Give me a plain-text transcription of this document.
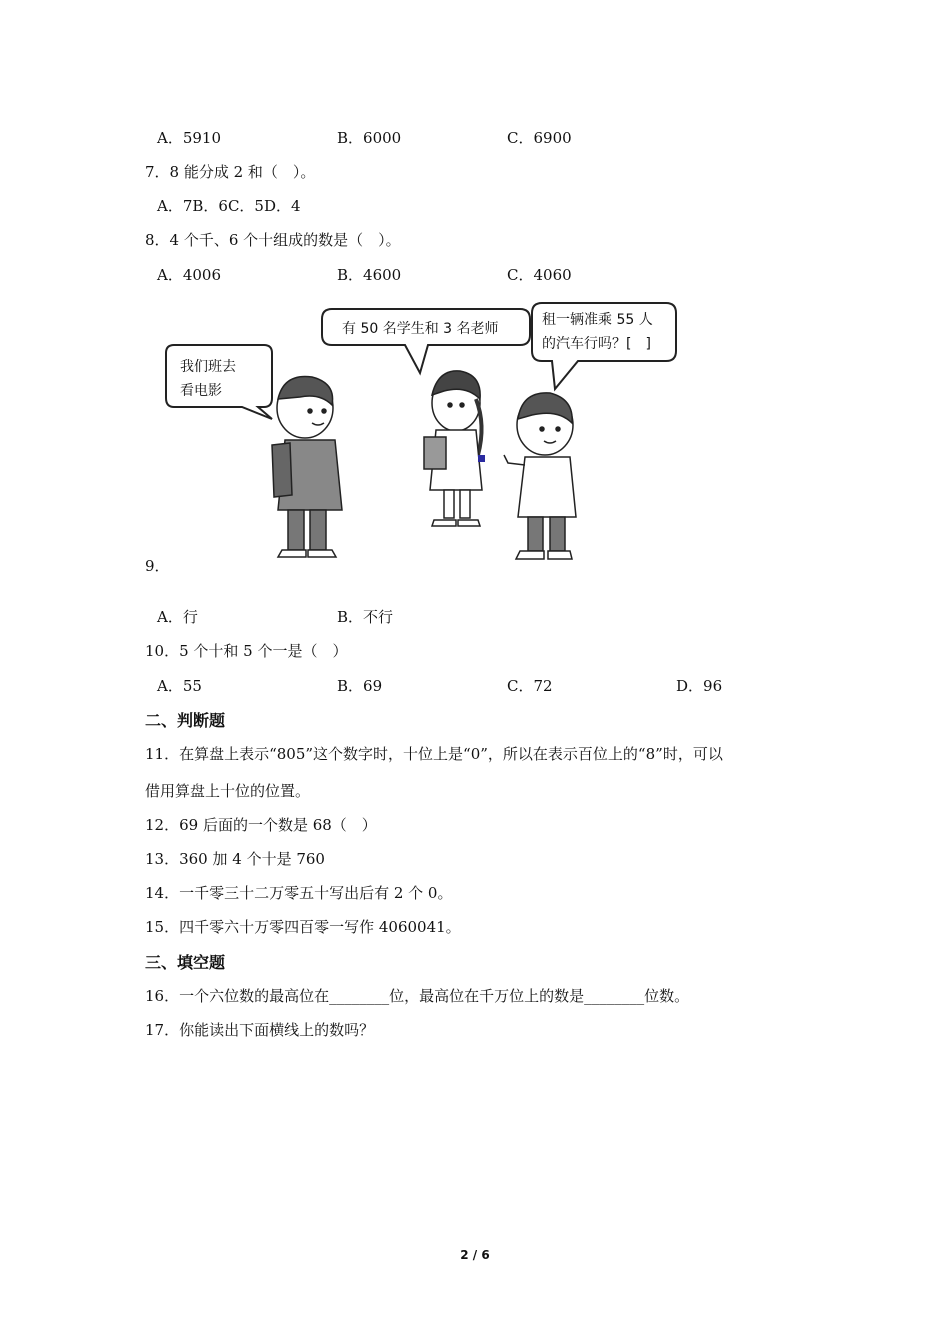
A．5910	B．6000	C．6900
7．8 能分成 2 和（　）。
A．7B．6C．5D．4
8．4 个千、6 个十组成的数是（　）。
A．4006	B．4600	C．4060
我们班去
看电影
有 50 名学生和 3 名老师
租一辆准乘 55 人
的汽车行吗？[　]
9．
A．行	B．不行
10．5 个十和 5 个一是（　）
A．55	B．69	C．72	D．96
二、判断题
11．在算盘上表示“805”这个数字时，十位上是“0”，所以在表示百位上的“8”时，可以
借用算盘上十位的位置。
12．69 后面的一个数是 68（　）
13．360 加 4 个十是 760
14．一千零三十二万零五十写出后有 2 个 0。
15．四千零六十万零四百零一写作 4060041。
三、填空题
16．一个六位数的最高位在________位，最高位在千万位上的数是________位数。
17．你能读出下面横线上的数吗？
2 / 6
